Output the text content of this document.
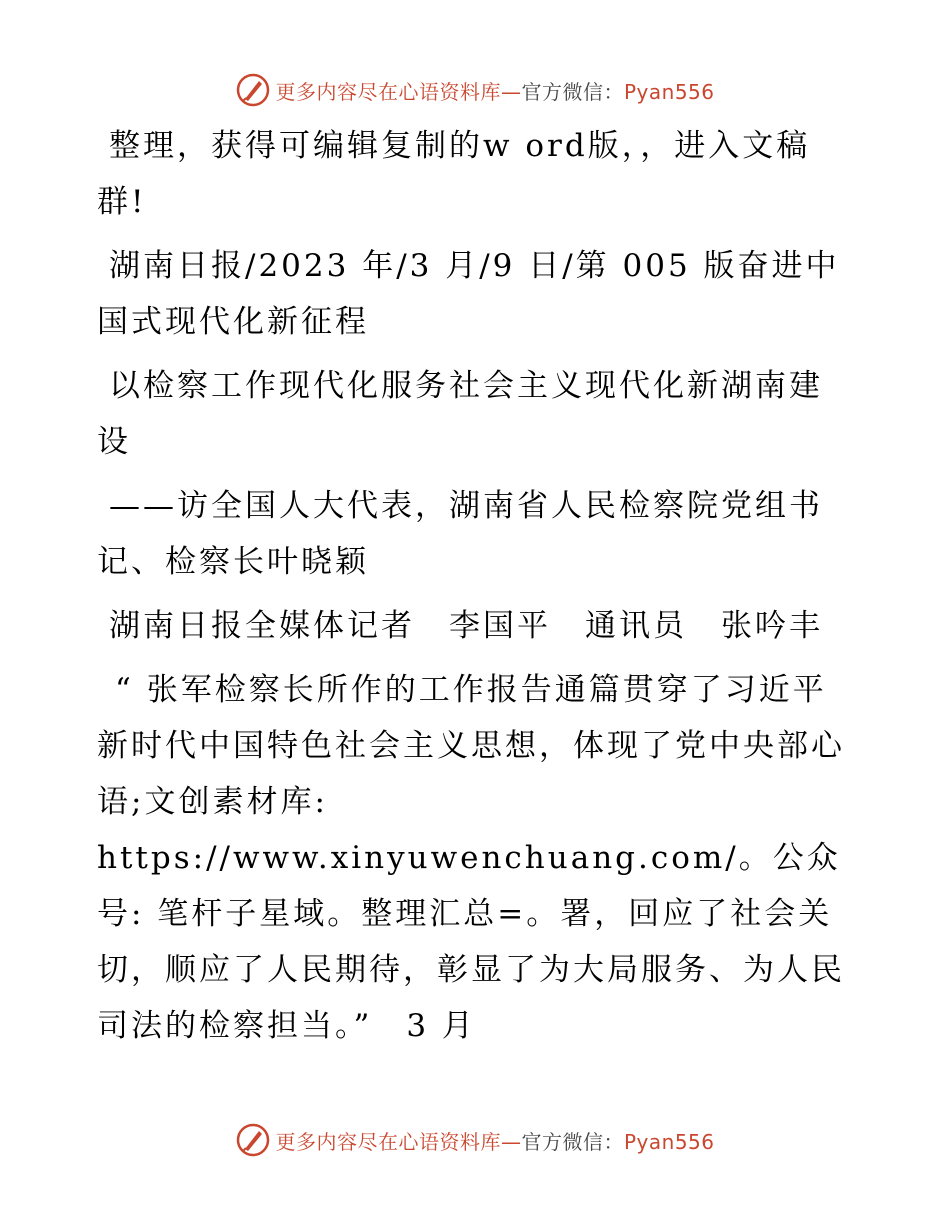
更多内容尽在心语资料库—官方微信：Pyan556

整理，获得可编辑复制的w ord版，，进入文稿群!

湖南日报/2023 年/3 月/9 日/第 005 版奋进中国式现代化新征程

以检察工作现代化服务社会主义现代化新湖南建设

——访全国人大代表，湖南省人民检察院党组书记、检察长叶晓颖

湖南日报全媒体记者　李国平　通讯员　张吟丰

“ 张军检察长所作的工作报告通篇贯穿了习近平新时代中国特色社会主义思想，体现了党中央部心语;文创素材库: https://www.xinyuwenchuang.com/。公众号: 笔杆子星域。整理汇总=。署，回应了社会关切，顺应了人民期待，彰显了为大局服务、为人民司法的检察担当。”　3 月

更多内容尽在心语资料库—官方微信：Pyan556
